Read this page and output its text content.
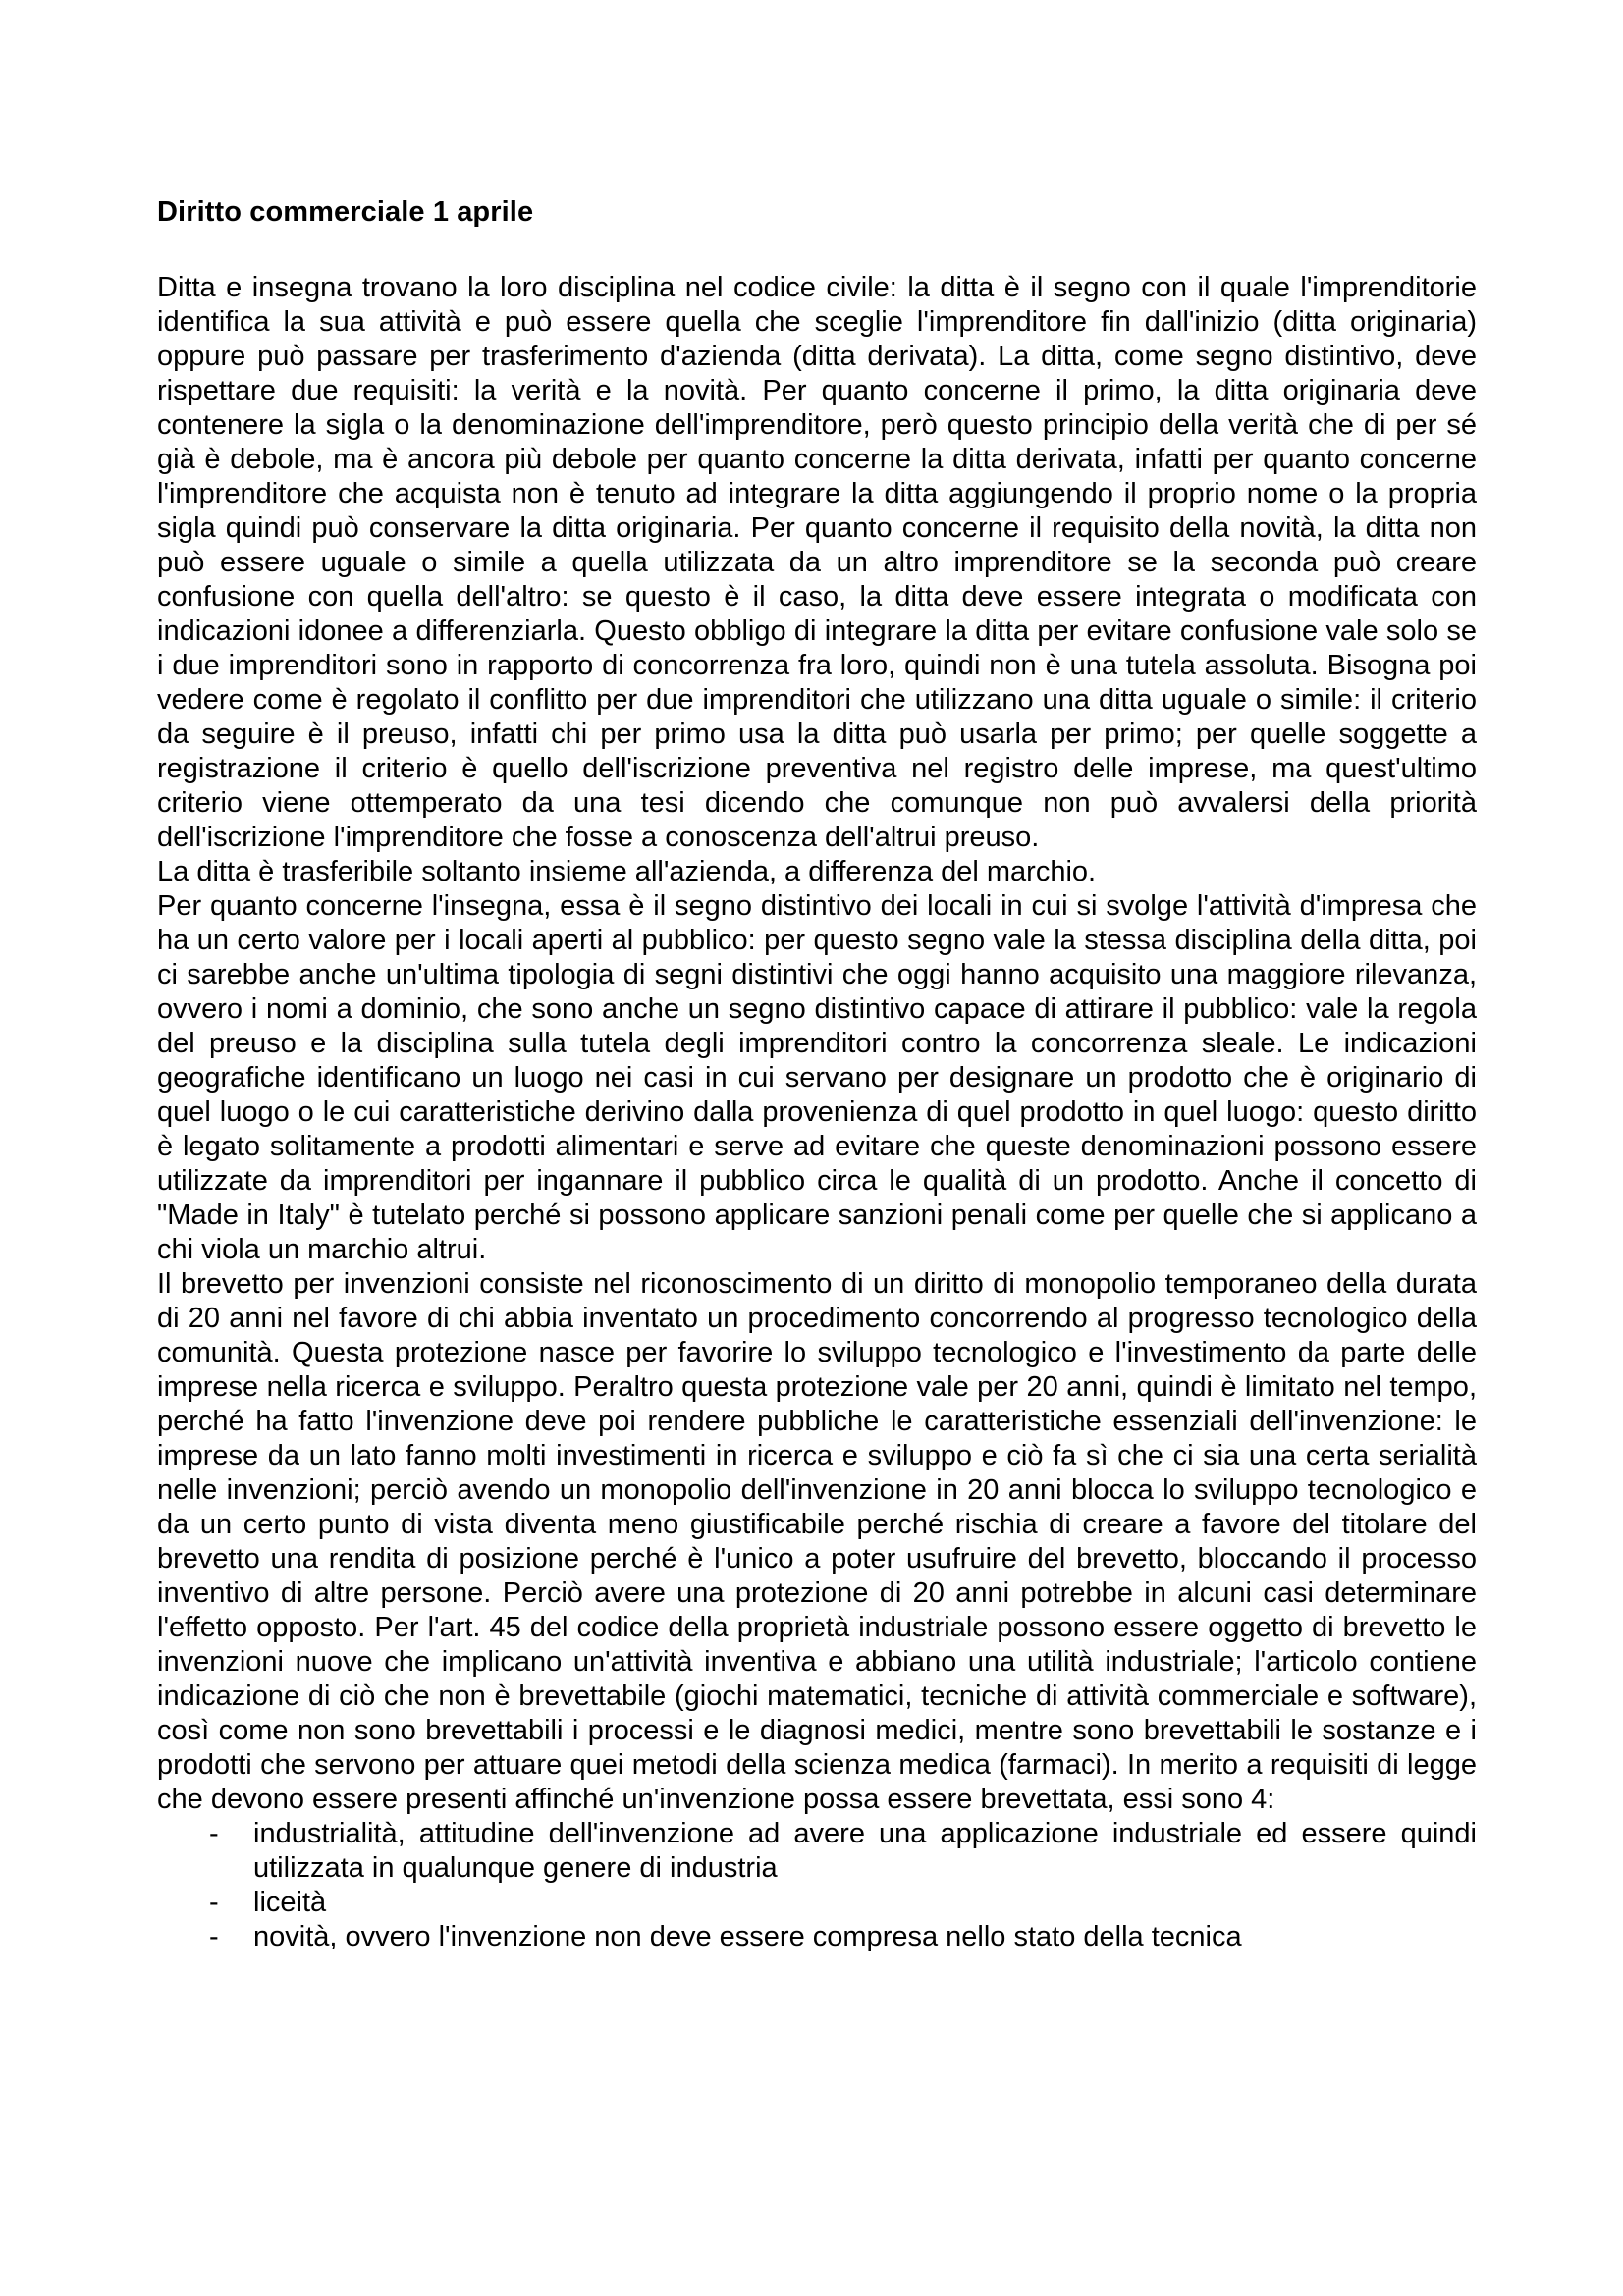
Diritto commerciale 1 aprile

Ditta e insegna trovano la loro disciplina nel codice civile: la ditta è il segno con il quale l'imprenditorie identifica la sua attività e può essere quella che sceglie l'imprenditore fin dall'inizio (ditta originaria) oppure può passare per trasferimento d'azienda (ditta derivata). La ditta, come segno distintivo, deve rispettare due requisiti: la verità e la novità. Per quanto concerne il primo, la ditta originaria deve contenere la sigla o la denominazione dell'imprenditore, però questo principio della verità che di per sé già è debole, ma è ancora più debole per quanto concerne la ditta derivata, infatti per quanto concerne l'imprenditore che acquista non è tenuto ad integrare la ditta aggiungendo il proprio nome o la propria sigla quindi può conservare la ditta originaria. Per quanto concerne il requisito della novità, la ditta non può essere uguale o simile a quella utilizzata da un altro imprenditore se la seconda può creare confusione con quella dell'altro: se questo è il caso, la ditta deve essere integrata o modificata con indicazioni idonee a differenziarla. Questo obbligo di integrare la ditta per evitare confusione vale solo se i due imprenditori sono in rapporto di concorrenza fra loro, quindi non è una tutela assoluta. Bisogna poi vedere come è regolato il conflitto per due imprenditori che utilizzano una ditta uguale o simile: il criterio da seguire è il preuso, infatti chi per primo usa la ditta può usarla per primo; per quelle soggette a registrazione il criterio è quello dell'iscrizione preventiva nel registro delle imprese, ma quest'ultimo criterio viene ottemperato da una tesi dicendo che comunque non può avvalersi della priorità dell'iscrizione l'imprenditore che fosse a conoscenza dell'altrui preuso.

La ditta è trasferibile soltanto insieme all'azienda, a differenza del marchio.

Per quanto concerne l'insegna, essa è il segno distintivo dei locali in cui si svolge l'attività d'impresa che ha un certo valore per i locali aperti al pubblico: per questo segno vale la stessa disciplina della ditta, poi ci sarebbe anche un'ultima tipologia di segni distintivi che oggi hanno acquisito una maggiore rilevanza, ovvero i nomi a dominio, che sono anche un segno distintivo capace di attirare il pubblico: vale la regola del preuso e la disciplina sulla tutela degli imprenditori contro la concorrenza sleale. Le indicazioni geografiche identificano un luogo nei casi in cui servano per designare un prodotto che è originario di quel luogo o le cui caratteristiche derivino dalla provenienza di quel prodotto in quel luogo: questo diritto è legato solitamente a prodotti alimentari e serve ad evitare che queste denominazioni possono essere utilizzate da imprenditori per ingannare il pubblico circa le qualità di un prodotto. Anche il concetto di "Made in Italy" è tutelato perché si possono applicare sanzioni penali come per quelle che si applicano a chi viola un marchio altrui.

Il brevetto per invenzioni consiste nel riconoscimento di un diritto di monopolio temporaneo della durata di 20 anni nel favore di chi abbia inventato un procedimento concorrendo al progresso tecnologico della comunità. Questa protezione nasce per favorire lo sviluppo tecnologico e l'investimento da parte delle imprese nella ricerca e sviluppo. Peraltro questa protezione vale per 20 anni, quindi è limitato nel tempo, perché ha fatto l'invenzione deve poi rendere pubbliche le caratteristiche essenziali dell'invenzione: le imprese da un lato fanno molti investimenti in ricerca e sviluppo e ciò fa sì che ci sia una certa serialità nelle invenzioni; perciò avendo un monopolio dell'invenzione in 20 anni blocca lo sviluppo tecnologico e da un certo punto di vista diventa meno giustificabile perché rischia di creare a favore del titolare del brevetto una rendita di posizione perché è l'unico a poter usufruire del brevetto, bloccando il processo inventivo di altre persone. Perciò avere una protezione di 20 anni potrebbe in alcuni casi determinare l'effetto opposto. Per l'art. 45 del codice della proprietà industriale possono essere oggetto di brevetto le invenzioni nuove che implicano un'attività inventiva e abbiano una utilità industriale; l'articolo contiene indicazione di ciò che non è brevettabile (giochi matematici, tecniche di attività commerciale e software), così come non sono brevettabili i processi e le diagnosi medici, mentre sono brevettabili le sostanze e i prodotti che servono per attuare quei metodi della scienza medica (farmaci). In merito a requisiti di legge che devono essere presenti affinché un'invenzione possa essere brevettata, essi sono 4:

- industrialità, attitudine dell'invenzione ad avere una applicazione industriale ed essere quindi utilizzata in qualunque genere di industria
- liceità
- novità, ovvero l'invenzione non deve essere compresa nello stato della tecnica
